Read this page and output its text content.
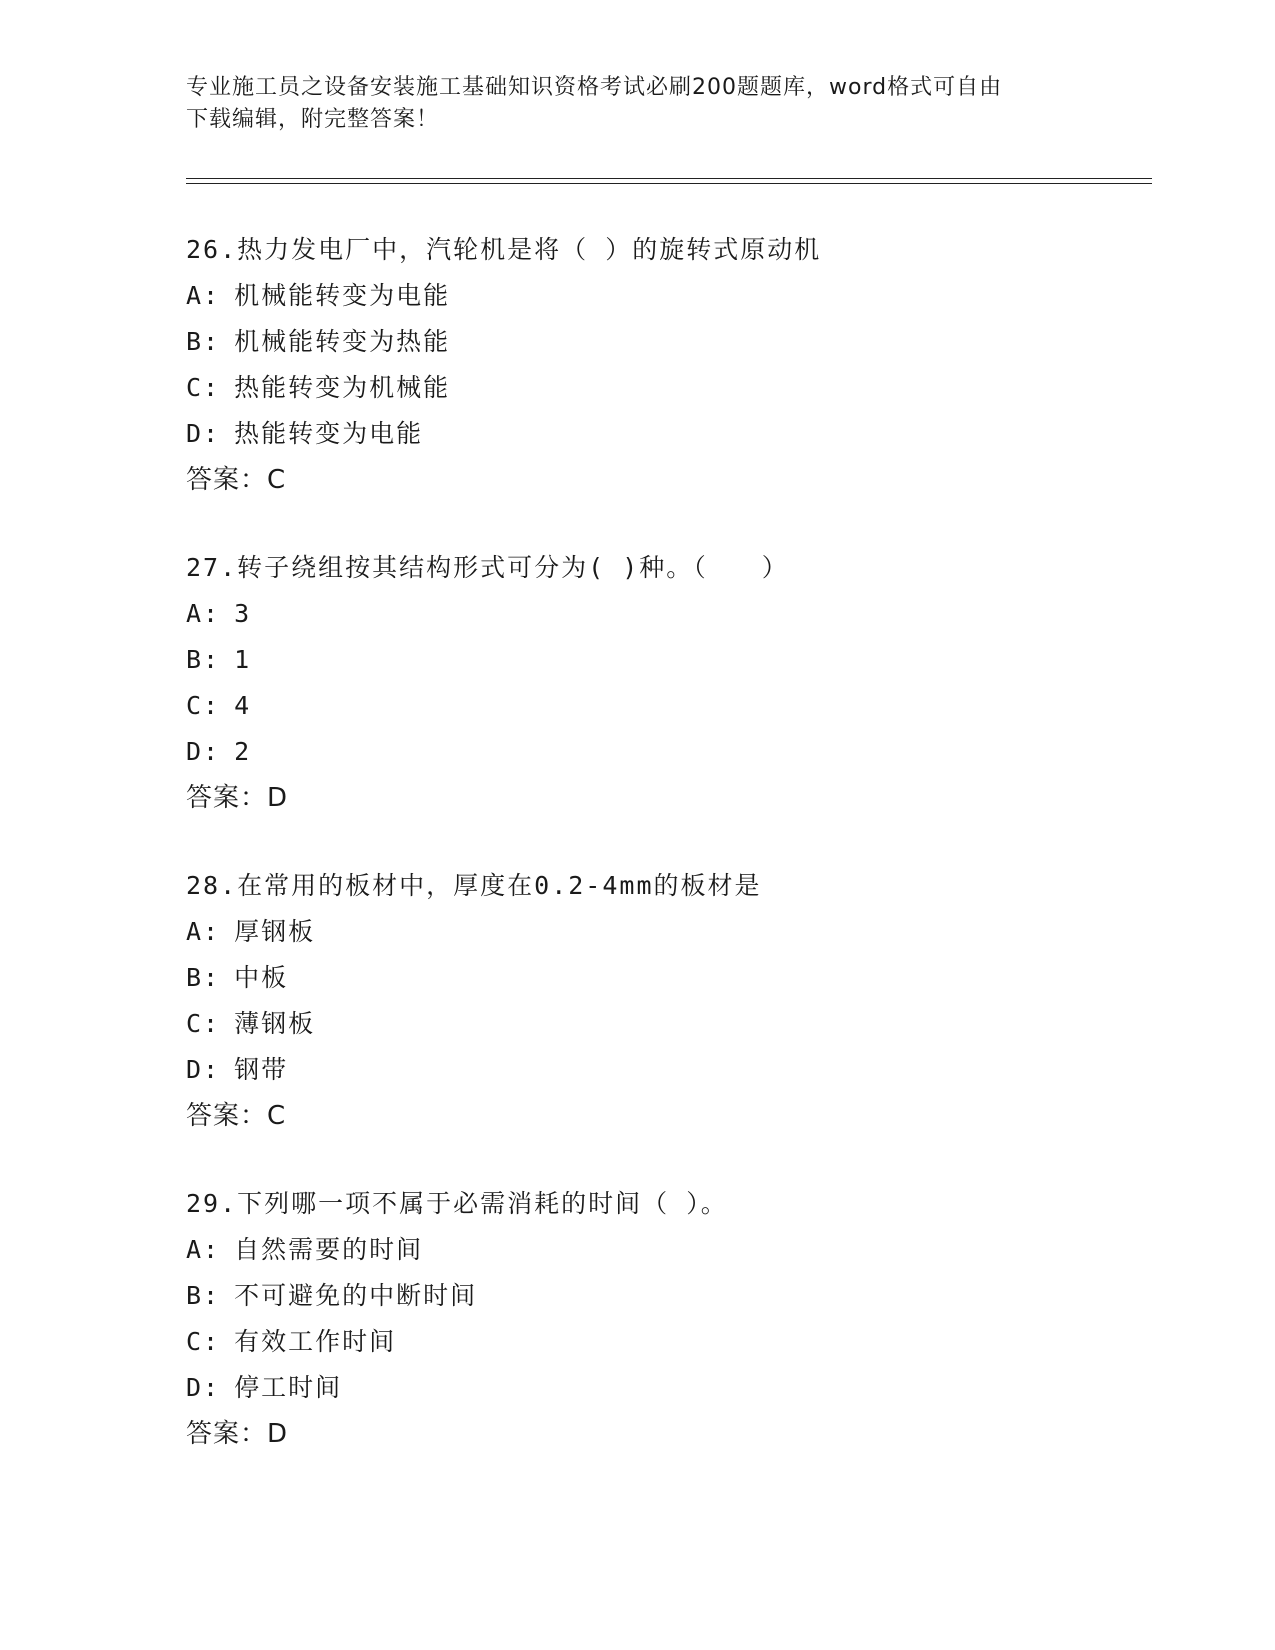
专业施工员之设备安装施工基础知识资格考试必刷200题题库，word格式可自由
下载编辑，附完整答案！
26.热力发电厂中，汽轮机是将（ ）的旋转式原动机
A: 机械能转变为电能
B: 机械能转变为热能
C: 热能转变为机械能
D: 热能转变为电能
答案：C
27.转子绕组按其结构形式可分为( )种。（　　）
A: 3
B: 1
C: 4
D: 2
答案：D
28.在常用的板材中，厚度在0.2-4mm的板材是
A: 厚钢板
B: 中板
C: 薄钢板
D: 钢带
答案：C
29.下列哪一项不属于必需消耗的时间（ ）。
A: 自然需要的时间
B: 不可避免的中断时间
C: 有效工作时间
D: 停工时间
答案：D
